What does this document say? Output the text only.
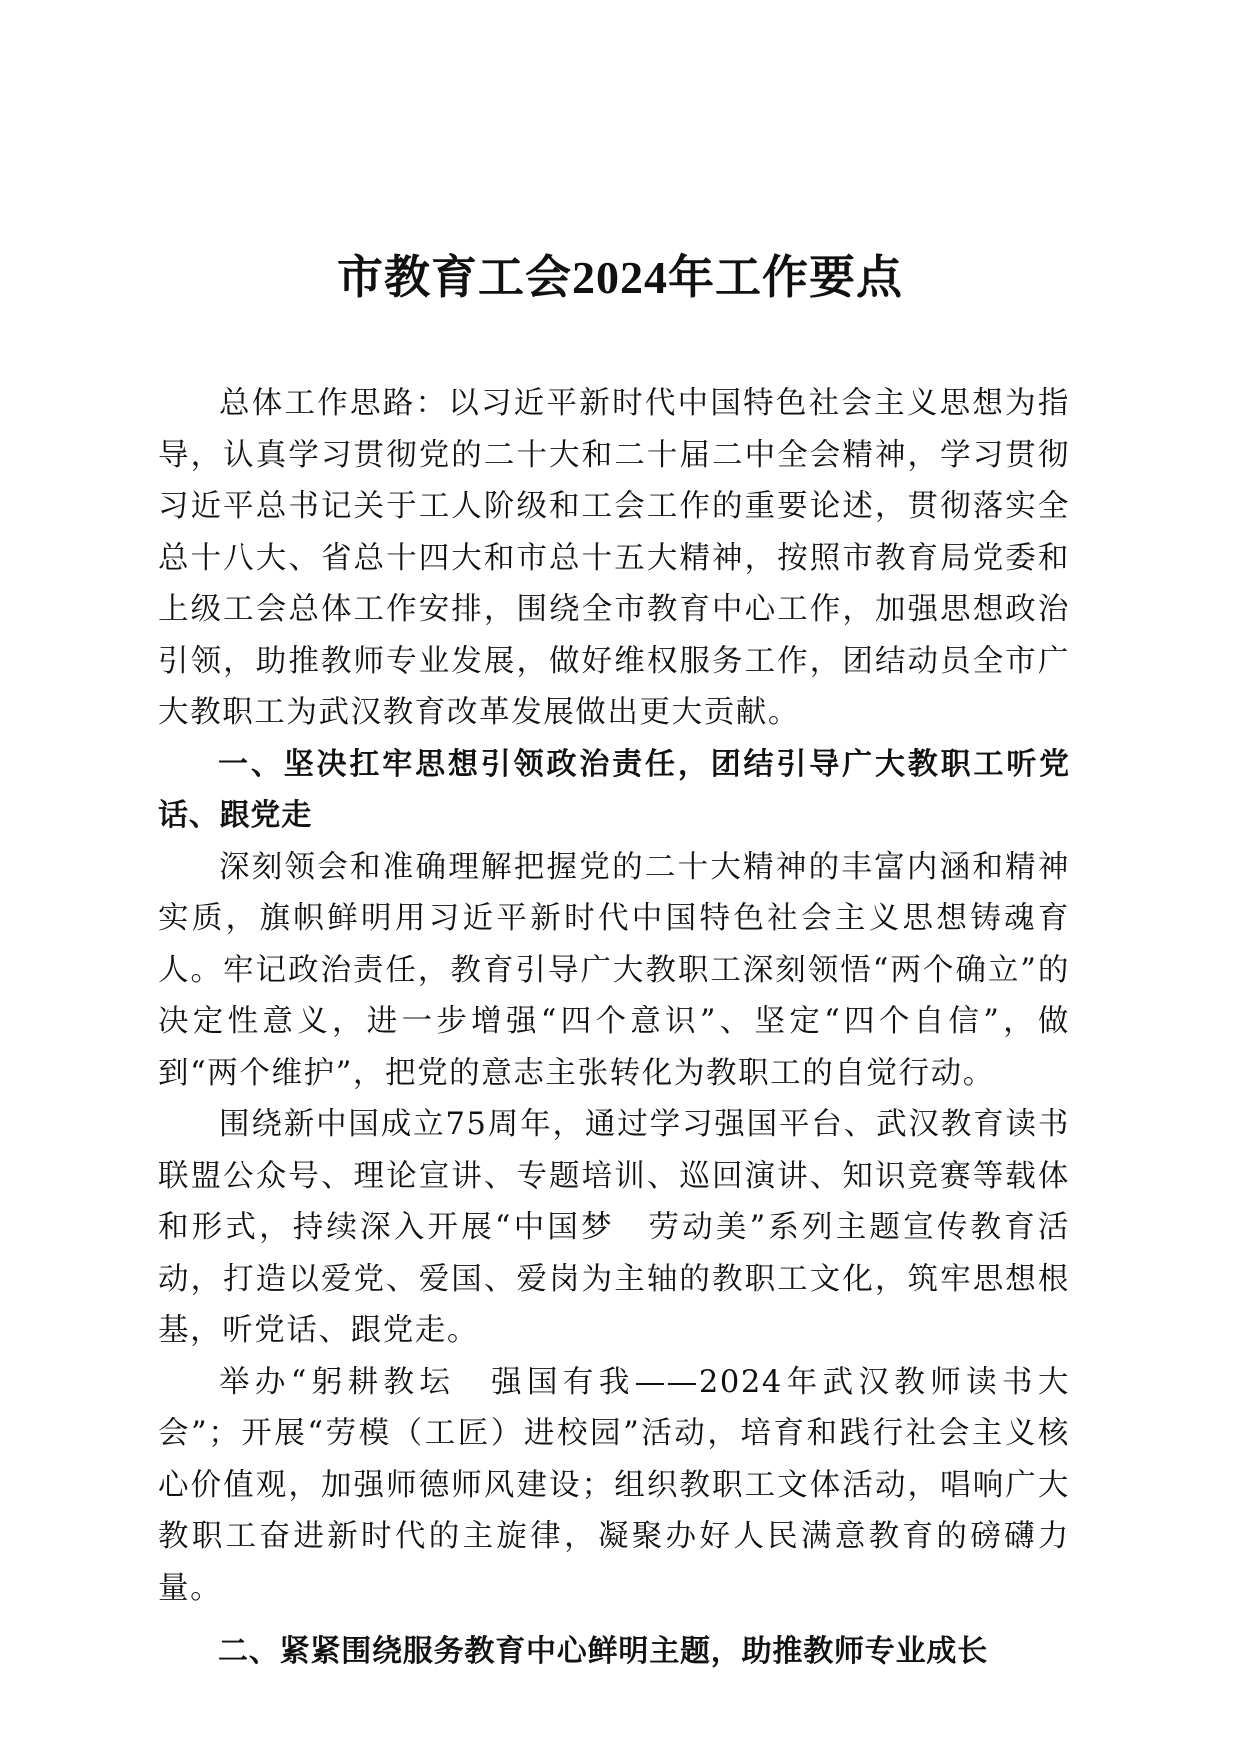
市教育工会2024年工作要点

总体工作思路：以习近平新时代中国特色社会主义思想为指导，认真学习贯彻党的二十大和二十届二中全会精神，学习贯彻习近平总书记关于工人阶级和工会工作的重要论述，贯彻落实全总十八大、省总十四大和市总十五大精神，按照市教育局党委和上级工会总体工作安排，围绕全市教育中心工作，加强思想政治引领，助推教师专业发展，做好维权服务工作，团结动员全市广大教职工为武汉教育改革发展做出更大贡献。

一、坚决扛牢思想引领政治责任，团结引导广大教职工听党话、跟党走

深刻领会和准确理解把握党的二十大精神的丰富内涵和精神实质，旗帜鲜明用习近平新时代中国特色社会主义思想铸魂育人。牢记政治责任，教育引导广大教职工深刻领悟“两个确立”的决定性意义，进一步增强“四个意识”、坚定“四个自信”，做到“两个维护”，把党的意志主张转化为教职工的自觉行动。

围绕新中国成立75周年，通过学习强国平台、武汉教育读书联盟公众号、理论宣讲、专题培训、巡回演讲、知识竞赛等载体和形式，持续深入开展“中国梦　劳动美”系列主题宣传教育活动，打造以爱党、爱国、爱岗为主轴的教职工文化，筑牢思想根基，听党话、跟党走。

举办“躬耕教坛　强国有我——2024年武汉教师读书大会”；开展“劳模（工匠）进校园”活动，培育和践行社会主义核心价值观，加强师德师风建设；组织教职工文体活动，唱响广大教职工奋进新时代的主旋律，凝聚办好人民满意教育的磅礴力量。

二、紧紧围绕服务教育中心鲜明主题，助推教师专业成长
